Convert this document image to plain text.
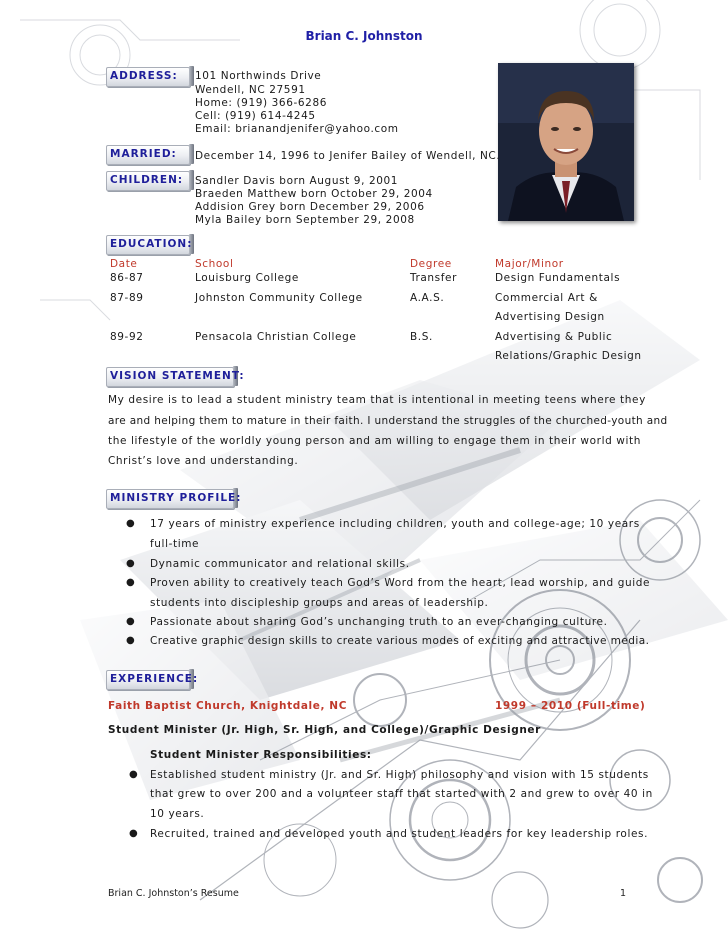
Brian C. Johnston
ADDRESS: 101 Northwinds Drive
Wendell, NC 27591
Home: (919) 366-6286
Cell: (919) 614-4245
Email: brianandjenifer@yahoo.com
MARRIED: December 14, 1996 to Jenifer Bailey of Wendell, NC.
CHILDREN: Sandler Davis born August 9, 2001
Braeden Matthew born October 29, 2004
Addision Grey born December 29, 2006
Myla Bailey born September 29, 2008
EDUCATION:
Date	School	Degree	Major/Minor
86-87	Louisburg College	Transfer	Design Fundamentals
87-89	Johnston Community College	A.A.S.	Commercial Art &
Advertising Design
89-92	Pensacola Christian College	B.S.	Advertising & Public
Relations/Graphic Design
VISION STATEMENT:
My desire is to lead a student ministry team that is intentional in meeting teens where they
are and helping them to mature in their faith. I understand the struggles of the churched-youth and
the lifestyle of the worldly young person and am willing to engage them in their world with
Christ’s love and understanding.
MINISTRY PROFILE:
● 17 years of ministry experience including children, youth and college-age; 10 years
full-time
● Dynamic communicator and relational skills.
● Proven ability to creatively teach God’s Word from the heart, lead worship, and guide
students into discipleship groups and areas of leadership.
● Passionate about sharing God’s unchanging truth to an ever-changing culture.
● Creative graphic design skills to create various modes of exciting and attractive media.
EXPERIENCE:
Faith Baptist Church, Knightdale, NC	1999 – 2010 (Full-time)
Student Minister (Jr. High, Sr. High, and College)/Graphic Designer
Student Minister Responsibilities:
● Established student ministry (Jr. and Sr. High) philosophy and vision with 15 students
that grew to over 200 and a volunteer staff that started with 2 and grew to over 40 in
10 years.
● Recruited, trained and developed youth and student leaders for key leadership roles.
Brian C. Johnston’s Resume	1
